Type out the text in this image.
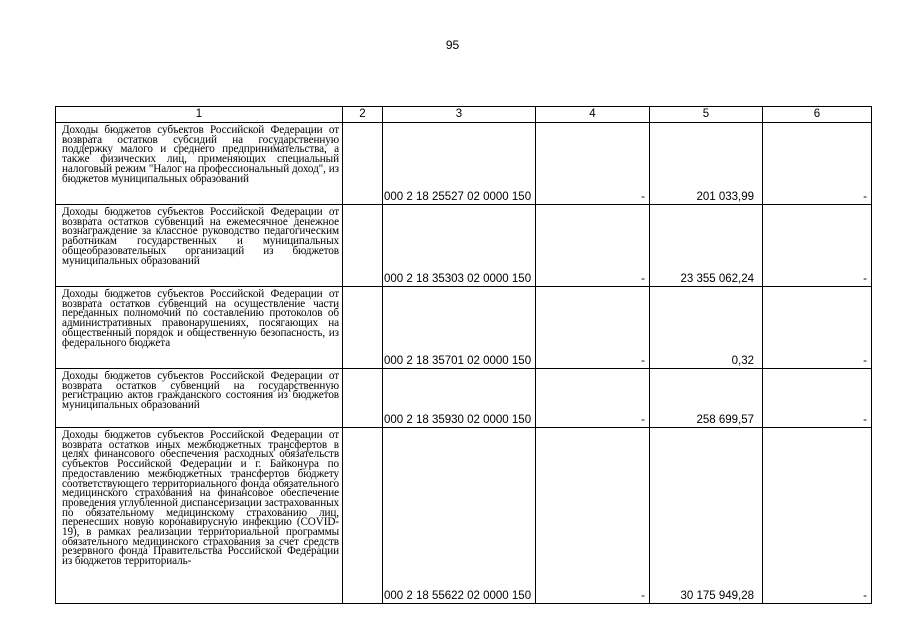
95
1	2	3	4	5	6

Доходы бюджетов субъектов Российской Федерации от возврата остатков субсидий на государственную поддержку малого и среднего предпринимательства, а также физических лиц, применяющих специальный налоговый режим "Налог на профессиональный доход", из бюджетов муниципальных образований		000 2 18 25527 02 0000 150	-	201 033,99	-

Доходы бюджетов субъектов Российской Федерации от возврата остатков субвенций на ежемесячное денежное вознаграждение за классное руководство педагогическим работникам государственных и муниципальных общеобразовательных организаций из бюджетов муниципальных образований		000 2 18 35303 02 0000 150	-	23 355 062,24	-

Доходы бюджетов субъектов Российской Федерации от возврата остатков субвенций на осуществление части переданных полномочий по составлению протоколов об административных правонарушениях, посягающих на общественный порядок и общественную безопасность, из федерального бюджета		000 2 18 35701 02 0000 150	-	0,32	-

Доходы бюджетов субъектов Российской Федерации от возврата остатков субвенций на государственную регистрацию актов гражданского состояния из бюджетов муниципальных образований		000 2 18 35930 02 0000 150	-	258 699,57	-

Доходы бюджетов субъектов Российской Федерации от возврата остатков иных межбюджетных трансфертов в целях финансового обеспечения расходных обязательств субъектов Российской Федерации и г. Байконура по предоставлению межбюджетных трансфертов бюджету соответствующего территориального фонда обязательного медицинского страхования на финансовое обеспечение проведения углубленной диспансеризации застрахованных по обязательному медицинскому страхованию лиц, перенесших новую коронавирусную инфекцию (COVID-19), в рамках реализации территориальной программы обязательного медицинского страхования за счет средств резервного фонда Правительства Российской Федерации из бюджетов территориаль-		000 2 18 55622 02 0000 150	-	30 175 949,28	-
